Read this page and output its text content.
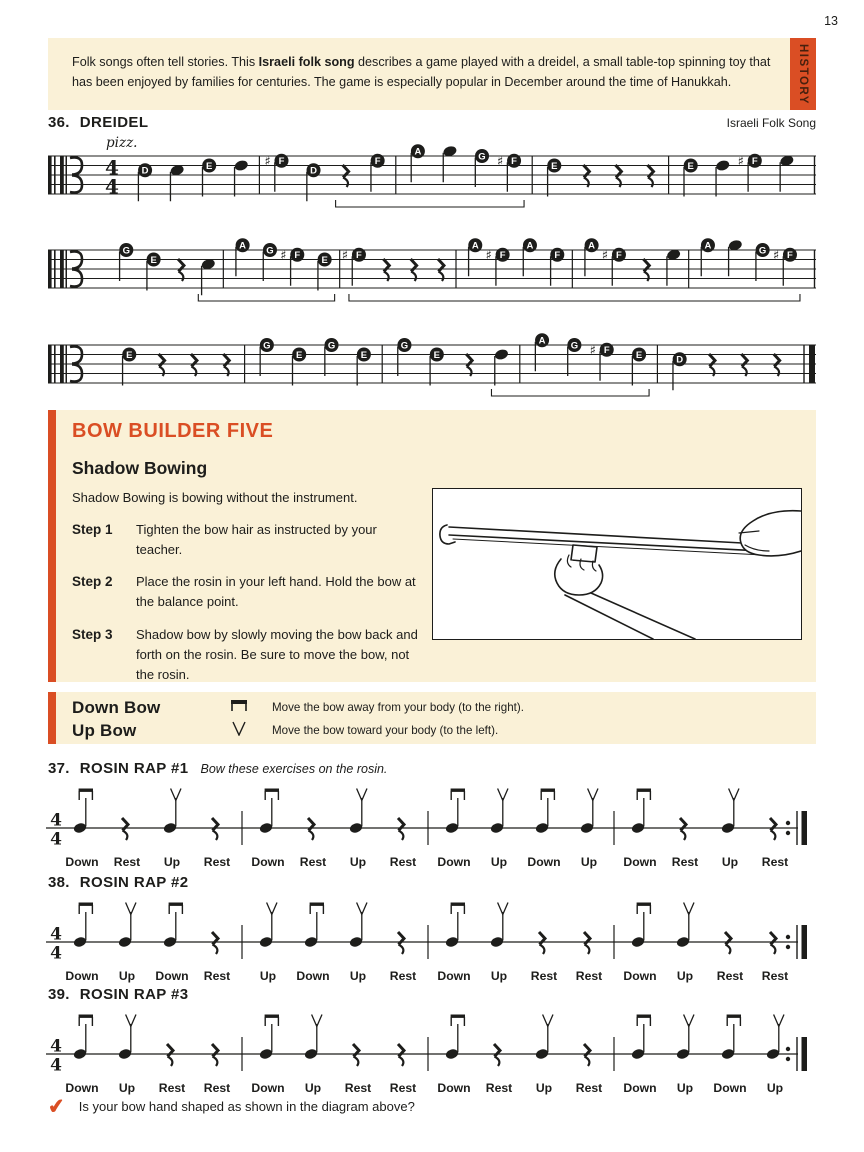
13

Folk songs often tell stories. This Israeli folk song describes a game played with a dreidel, a small table-top spinning toy that has been enjoyed by families for centuries. The game is especially popular in December around the time of Hanukkah.	HISTORY
36. DREIDEL	Israeli Folk Song
pizz.
4
4
D	E	F
♯
D
F
A	G	F
♯	E	E	F
♯
G
E
A G F
♯	E	F
♯
A
F
♯
A
F
A
F
♯
A	G F
♯
E
G
E
G
E
G
E
A	G	F
♯	E	D
BOW BUILDER FIVE
Shadow Bowing

Shadow Bowing is bowing without the instrument.

Step 1	Tighten the bow hair as instructed by your teacher.
Step 2	Place the rosin in your left hand. Hold the bow at the balance point.
Step 3	Shadow bow by slowly moving the bow back and forth on the rosin. Be sure to move the bow, not the rosin.
Down Bow	Move the bow away from your body (to the right).
Up Bow	Move the bow toward your body (to the left).
37. ROSIN RAP #1 Bow these exercises on the rosin.
4
4
Down Rest Up Rest Down Rest Up Rest Down Up Down Up Down Rest Up Rest
38. ROSIN RAP #2
4
4
Down Up Down Rest Up Down Up Rest Down Up Rest Rest Down Up Rest Rest
39. ROSIN RAP #3
4
4
Down Up Rest Rest Down Up Rest Rest Down Rest Up Rest Down Up Down Up
✔ Is your bow hand shaped as shown in the diagram above?
